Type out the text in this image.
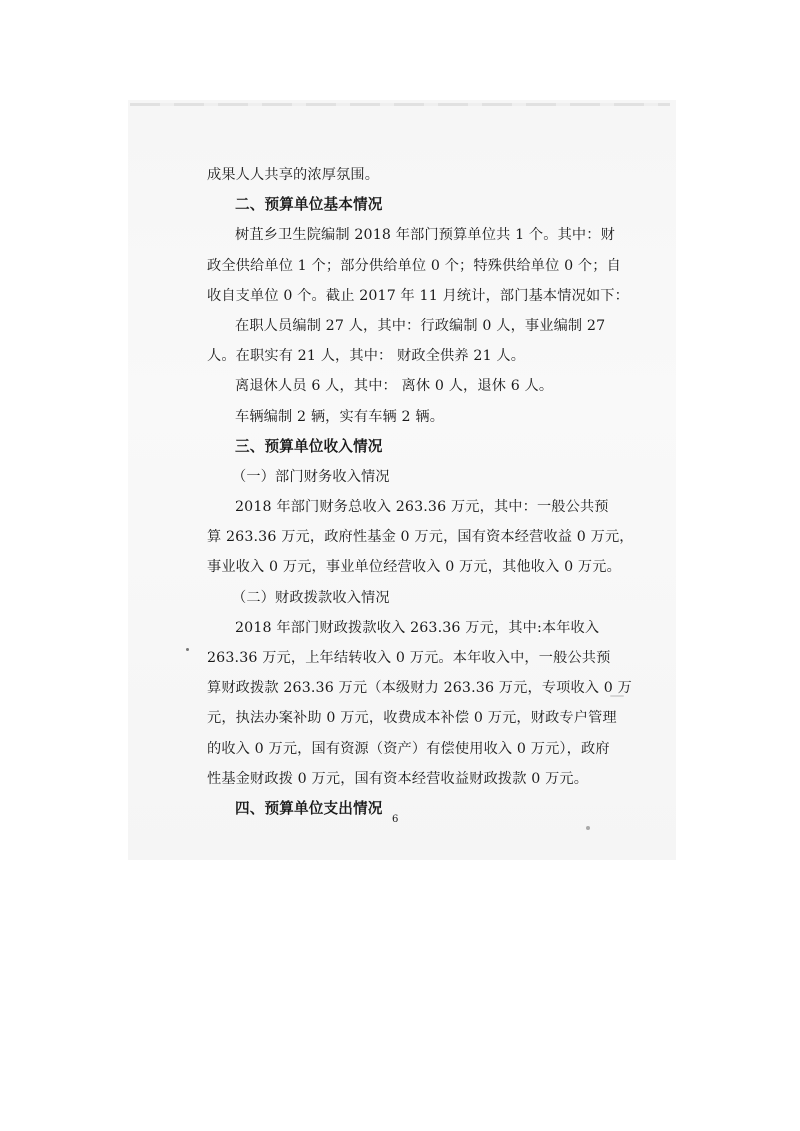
成果人人共享的浓厚氛围。
二、预算单位基本情况
树苴乡卫生院编制 2018 年部门预算单位共 1 个。其中：财
政全供给单位 1 个；部分供给单位 0 个；特殊供给单位 0 个；自
收自支单位 0 个。截止 2017 年 11 月统计，部门基本情况如下：
在职人员编制 27 人，其中：行政编制 0 人，事业编制 27
人。在职实有 21 人，其中： 财政全供养 21 人。
离退休人员 6 人，其中： 离休 0 人，退休 6 人。
车辆编制 2 辆，实有车辆 2 辆。
三、预算单位收入情况
（一）部门财务收入情况
2018 年部门财务总收入 263.36 万元，其中：一般公共预
算 263.36 万元，政府性基金 0 万元，国有资本经营收益 0 万元，
事业收入 0 万元，事业单位经营收入 0 万元，其他收入 0 万元。
（二）财政拨款收入情况
2018 年部门财政拨款收入 263.36 万元，其中:本年收入
263.36 万元，上年结转收入 0 万元。本年收入中，一般公共预
算财政拨款 263.36 万元（本级财力 263.36 万元，专项收入 0 万
元，执法办案补助 0 万元，收费成本补偿 0 万元，财政专户管理
的收入 0 万元，国有资源（资产）有偿使用收入 0 万元），政府
性基金财政拨 0 万元，国有资本经营收益财政拨款 0 万元。
四、预算单位支出情况
6
